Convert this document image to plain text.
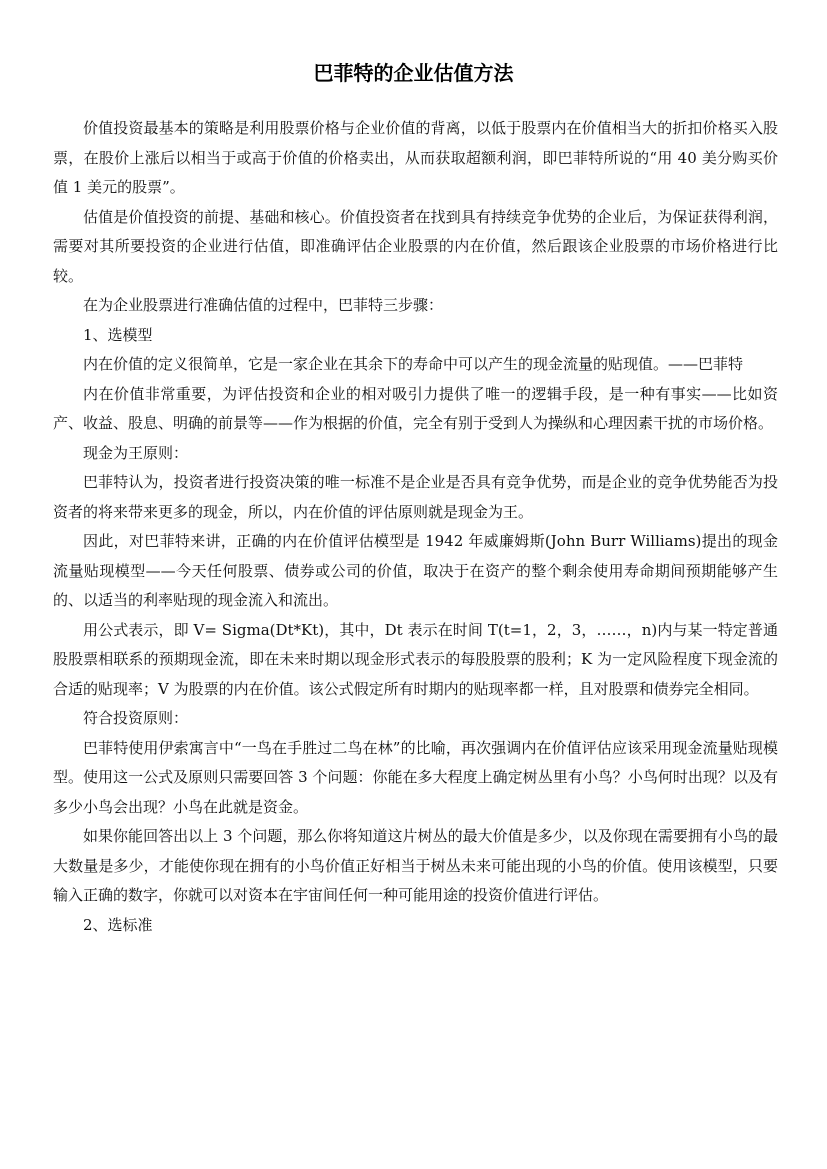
巴菲特的企业估值方法

价值投资最基本的策略是利用股票价格与企业价值的背离，以低于股票内在价值相当大的折扣价格买入股票，在股价上涨后以相当于或高于价值的价格卖出，从而获取超额利润，即巴菲特所说的“用 40 美分购买价值 1 美元的股票”。

估值是价值投资的前提、基础和核心。价值投资者在找到具有持续竞争优势的企业后，为保证获得利润，需要对其所要投资的企业进行估值，即准确评估企业股票的内在价值，然后跟该企业股票的市场价格进行比较。

在为企业股票进行准确估值的过程中，巴菲特三步骤：

1、选模型

内在价值的定义很简单，它是一家企业在其余下的寿命中可以产生的现金流量的贴现值。——巴菲特

内在价值非常重要，为评估投资和企业的相对吸引力提供了唯一的逻辑手段，是一种有事实——比如资产、收益、股息、明确的前景等——作为根据的价值，完全有别于受到人为操纵和心理因素干扰的市场价格。

现金为王原则：

巴菲特认为，投资者进行投资决策的唯一标准不是企业是否具有竞争优势，而是企业的竞争优势能否为投资者的将来带来更多的现金，所以，内在价值的评估原则就是现金为王。

因此，对巴菲特来讲，正确的内在价值评估模型是 1942 年威廉姆斯(John Burr Williams)提出的现金流量贴现模型——今天任何股票、债券或公司的价值，取决于在资产的整个剩余使用寿命期间预期能够产生的、以适当的利率贴现的现金流入和流出。

用公式表示，即 V= Sigma(Dt*Kt)，其中，Dt 表示在时间 T(t=1，2，3，……，n)内与某一特定普通股股票相联系的预期现金流，即在未来时期以现金形式表示的每股股票的股利；K 为一定风险程度下现金流的合适的贴现率；V 为股票的内在价值。该公式假定所有时期内的贴现率都一样，且对股票和债券完全相同。

符合投资原则：

巴菲特使用伊索寓言中“一鸟在手胜过二鸟在林”的比喻，再次强调内在价值评估应该采用现金流量贴现模型。使用这一公式及原则只需要回答 3 个问题：你能在多大程度上确定树丛里有小鸟？小鸟何时出现？以及有多少小鸟会出现？小鸟在此就是资金。

如果你能回答出以上 3 个问题，那么你将知道这片树丛的最大价值是多少，以及你现在需要拥有小鸟的最大数量是多少，才能使你现在拥有的小鸟价值正好相当于树丛未来可能出现的小鸟的价值。使用该模型，只要输入正确的数字，你就可以对资本在宇宙间任何一种可能用途的投资价值进行评估。

2、选标准
